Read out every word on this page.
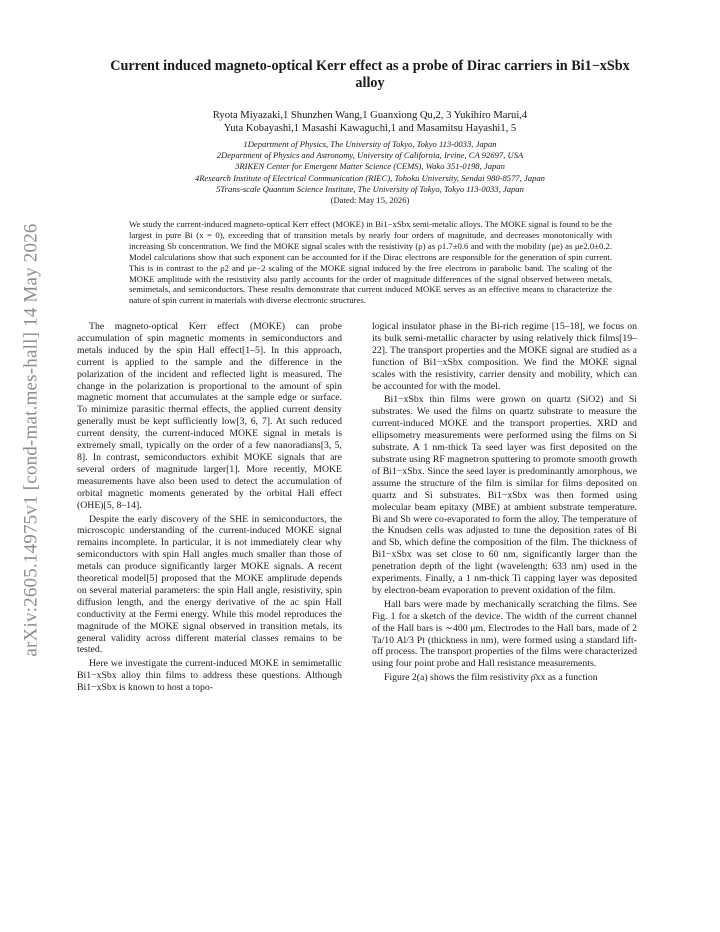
arXiv:2605.14975v1 [cond-mat.mes-hall] 14 May 2026
Current induced magneto-optical Kerr effect as a probe of Dirac carriers in Bi1−xSbx
alloy
Ryota Miyazaki,1 Shunzhen Wang,1 Guanxiong Qu,2, 3 Yukihiro Marui,4
Yuta Kobayashi,1 Masashi Kawaguchi,1 and Masamitsu Hayashi1, 5
1Department of Physics, The University of Tokyo, Tokyo 113-0033, Japan
2Department of Physics and Astronomy, University of California, Irvine, CA 92697, USA
3RIKEN Center for Emergent Matter Science (CEMS), Wako 351-0198, Japan
4Research Institute of Electrical Communication (RIEC), Tohoku University, Sendai 980-8577, Japan
5Trans-scale Quantum Science Institute, The University of Tokyo, Tokyo 113-0033, Japan
(Dated: May 15, 2026)
We study the current-induced magneto-optical Kerr effect (MOKE) in Bi1−xSbx semi-metalic alloys. The MOKE signal is found to be the largest in pure Bi (x = 0), exceeding that of transition metals by nearly four orders of magnitude, and decreases monotonically with increasing Sb concentration. We find the MOKE signal scales with the resistivity (ρ) as ρ1.7±0.6 and with the mobility (μe) as μe2.0±0.2. Model calculations show that such exponent can be accounted for if the Dirac electrons are responsible for the generation of spin current. This is in contrast to the ρ2 and μe−2 scaling of the MOKE signal induced by the free electrons in parabolic band. The scaling of the MOKE amplitude with the resistivity also partly accounts for the order of magnitude differences of the signal observed between metals, semimetals, and semiconductors. These results demonstrate that current induced MOKE serves as an effective means to characterize the nature of spin current in materials with diverse electronic structures.

The magneto-optical Kerr effect (MOKE) can probe accumulation of spin magnetic moments in semiconductors and metals induced by the spin Hall effect[1–5]. In this approach, current is applied to the sample and the difference in the polarization of the incident and reflected light is measured. The change in the polarization is proportional to the amount of spin magnetic moment that accumulates at the sample edge or surface. To minimize parasitic thermal effects, the applied current density generally must be kept sufficiently low[3, 6, 7]. At such reduced current density, the current-induced MOKE signal in metals is extremely small, typically on the order of a few nanoradians[3, 5, 8]. In contrast, semiconductors exhibit MOKE signals that are several orders of magnitude larger[1]. More recently, MOKE measurements have also been used to detect the accumulation of orbital magnetic moments generated by the orbital Hall effect (OHE)[5, 8–14].

Despite the early discovery of the SHE in semiconductors, the microscopic understanding of the current-induced MOKE signal remains incomplete. In particular, it is not immediately clear why semiconductors with spin Hall angles much smaller than those of metals can produce significantly larger MOKE signals. A recent theoretical model[5] proposed that the MOKE amplitude depends on several material parameters: the spin Hall angle, resistivity, spin diffusion length, and the energy derivative of the ac spin Hall conductivity at the Fermi energy. While this model reproduces the magnitude of the MOKE signal observed in transition metals, its general validity across different material classes remains to be tested.

Here we investigate the current-induced MOKE in semimetallic Bi1−xSbx alloy thin films to address these questions. Although Bi1−xSbx is known to host a topo-

logical insulator phase in the Bi-rich regime [15–18], we focus on its bulk semi-metallic character by using relatively thick films[19–22]. The transport properties and the MOKE signal are studied as a function of Bi1−xSbx composition. We find the MOKE signal scales with the resistivity, carrier density and mobility, which can be accounted for with the model.

Bi1−xSbx thin films were grown on quartz (SiO2) and Si substrates. We used the films on quartz substrate to measure the current-induced MOKE and the transport properties. XRD and ellipsometry measurements were performed using the films on Si substrate. A 1 nm-thick Ta seed layer was first deposited on the substrate using RF magnetron sputtering to promote smooth growth of Bi1−xSbx. Since the seed layer is predominantly amorphous, we assume the structure of the film is similar for films deposited on quartz and Si substrates. Bi1−xSbx was then formed using molecular beam epitaxy (MBE) at ambient substrate temperature. Bi and Sb were co-evaporated to form the alloy. The temperature of the Knudsen cells was adjusted to tune the deposition rates of Bi and Sb, which define the composition of the film. The thickness of Bi1−xSbx was set close to 60 nm, significantly larger than the penetration depth of the light (wavelength: 633 nm) used in the experiments. Finally, a 1 nm-thick Ti capping layer was deposited by electron-beam evaporation to prevent oxidation of the film.

Hall bars were made by mechanically scratching the films. See Fig. 1 for a sketch of the device. The width of the current channel of the Hall bars is ∼400 μm. Electrodes to the Hall bars, made of 2 Ta/10 Al/3 Pt (thickness in nm), were formed using a standard lift-off process. The transport properties of the films were characterized using four point probe and Hall resistance measurements.

Figure 2(a) shows the film resistivity ρ̄xx as a function
